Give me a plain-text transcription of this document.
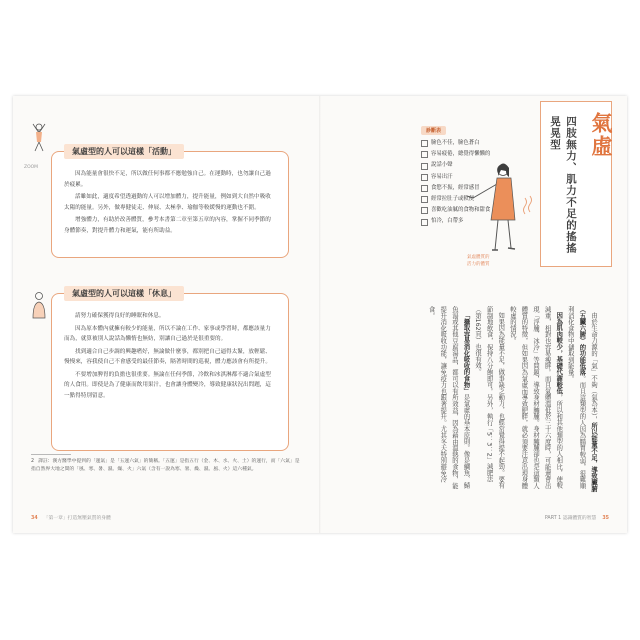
ZOOM
氣虛型的人可以這樣「活動」

因為能量會很快不足，所以做任何事都不應勉強自己。在運動時，也勿讓自己過於疲累。

話雖如此，適度希望透過動的人可以增加體力，提升能量，例如到大自然中吸收太陽的能量。另外，做專健徒走、伸展、太極拳、瑜伽等較緩慢的運動也不錯。

增強體力，有助於改善體質，參考本書第二章至第五章的內容，掌握不同季節的身體節奏，對提升體力和運氣，能有所助益。

氣虛型的人可以這樣「休息」

請努力確保獲得良好的睡眠和休息。

因為原本體內就擁有較少的能量，所以不論在工作、家事或學習時，都應該量力而為，就算被別人說話為懶惰也無妨，別讓自己過於是很重要的。

找到適合自己步調的興趣嗜好，無論做什麼事，都別把自己逼得太緊，放輕鬆、慢慢來，容我使自己不會感受的最佳節奏，隔著時間的巡視，體力應該會有所提升。

不要增加脾胃的負擔也很重要。無論在任何季節，冷飲和冰淇淋都不適合氣虛型的人食用。即使是為了健康而飲用果汁，也會讓身體變冷，導致健康狀況出問題，這一點得特別留意。

2 譯註：漢方醫學中提到的「運氣」是「五運六氣」的簡稱。「五運」是指五行（金、木、水、火、土）的運行，而「六氣」是指自然界大地之間的「風、寒、暑、濕、燥、火」六氣（含有一說為寒、暑、燥、濕、風、火）這六種氣。
34 「第一章」打造無壓氣質的身體
診斷表
臉色不佳，臉色蒼白
容易疲倦，總覺得懶懶的
說話小聲
容易出汗
食慾不振，經常感冒
經常拉肚子或軟便
喜歡吃油膩的食物和甜食
怕冷，白帶多
氣虛體質的
活力的體質
氣虛
四肢無力、肌力不足的搖搖晃晃型

由於生命力源的「氣」不夠（氣為本），所以能量不足，導致臟腑（五臟六腑）的功能低落。而且這類型的人因為腸胃較弱，很難順利消化食物中儲取到能量。

因為肌肉較少，基礎代謝較低，所以和其他類型的人相比，使較減重，相對也容易瘦胖。而且氣體溫低於三十六度時，可能還會出現「浮腫、冰冷」等問題，導致身材臃腫。身材臃腫卻也是這類人體質的特徵，但如果因為氣虛而導致肥胖，就必須要注意出現身體較虛的情況。

如果因為能量不足，做事缺乏動力，也經常覺得提不起勁。要有節制地飲食，保持八分飽即可。另外，執行「5：3：2」減肥法（第162頁）也很有效。

「攝取容易消化吸收的食物」是氣虛的基本原則。像是鯛魚、鯖魚湯或其他豆腐湯品，都可以有所效益，因為藉由溫熱的食物，能提升消化吸收功能，讓免疫力也跟著提升。尤其冬天特別避免冷食。

PART 1 認識體質的智慧 35
